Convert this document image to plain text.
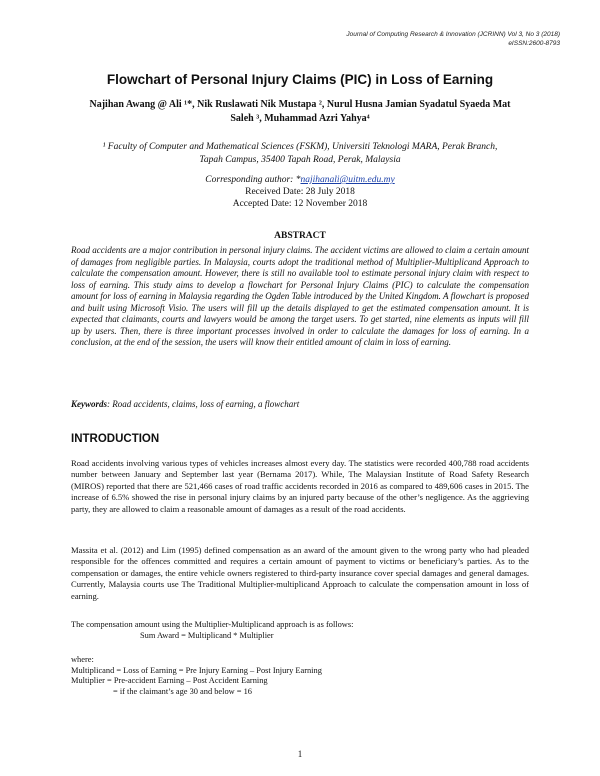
Journal of Computing Research & Innovation (JCRINN) Vol 3, No 3 (2018)
eISSN:2600-8793
Flowchart of Personal Injury Claims (PIC) in Loss of Earning
Najihan Awang @ Ali ¹*, Nik Ruslawati Nik Mustapa ², Nurul Husna Jamian Syadatul Syaeda Mat
Saleh ³, Muhammad Azri Yahya⁴
¹ Faculty of Computer and Mathematical Sciences (FSKM), Universiti Teknologi MARA, Perak Branch,
Tapah Campus, 35400 Tapah Road, Perak, Malaysia
Corresponding author: *najihanali@uitm.edu.my
Received Date: 28 July 2018
Accepted Date: 12 November 2018
ABSTRACT
Road accidents are a major contribution in personal injury claims. The accident victims are allowed to claim a certain amount of damages from negligible parties. In Malaysia, courts adopt the traditional method of Multiplier-Multiplicand Approach to calculate the compensation amount. However, there is still no available tool to estimate personal injury claim with respect to loss of earning. This study aims to develop a flowchart for Personal Injury Claims (PIC) to calculate the compensation amount for loss of earning in Malaysia regarding the Ogden Table introduced by the United Kingdom. A flowchart is proposed and built using Microsoft Visio. The users will fill up the details displayed to get the estimated compensation amount. It is expected that claimants, courts and lawyers would be among the target users. To get started, nine elements as inputs will fill up by users. Then, there is three important processes involved in order to calculate the damages for loss of earning. In a conclusion, at the end of the session, the users will know their entitled amount of claim in loss of earning.
Keywords: Road accidents, claims, loss of earning, a flowchart
INTRODUCTION
Road accidents involving various types of vehicles increases almost every day. The statistics were recorded 400,788 road accidents number between January and September last year (Bernama 2017). While, The Malaysian Institute of Road Safety Research (MIROS) reported that there are 521,466 cases of road traffic accidents recorded in 2016 as compared to 489,606 cases in 2015. The increase of 6.5% showed the rise in personal injury claims by an injured party because of the other’s negligence. As the aggrieving party, they are allowed to claim a reasonable amount of damages as a result of the road accidents.
Massita et al. (2012) and Lim (1995) defined compensation as an award of the amount given to the wrong party who had pleaded responsible for the offences committed and requires a certain amount of payment to victims or beneficiary’s parties. As to the compensation or damages, the entire vehicle owners registered to third-party insurance cover special damages and general damages. Currently, Malaysia courts use The Traditional Multiplier-multiplicand Approach to calculate the compensation amount in loss of earning.
The compensation amount using the Multiplier-Multiplicand approach is as follows:
Sum Award = Multiplicand * Multiplier
where:
Multiplicand = Loss of Earning = Pre Injury Earning – Post Injury Earning
Multiplier = Pre-accident Earning – Post Accident Earning
= if the claimant’s age 30 and below = 16
1
